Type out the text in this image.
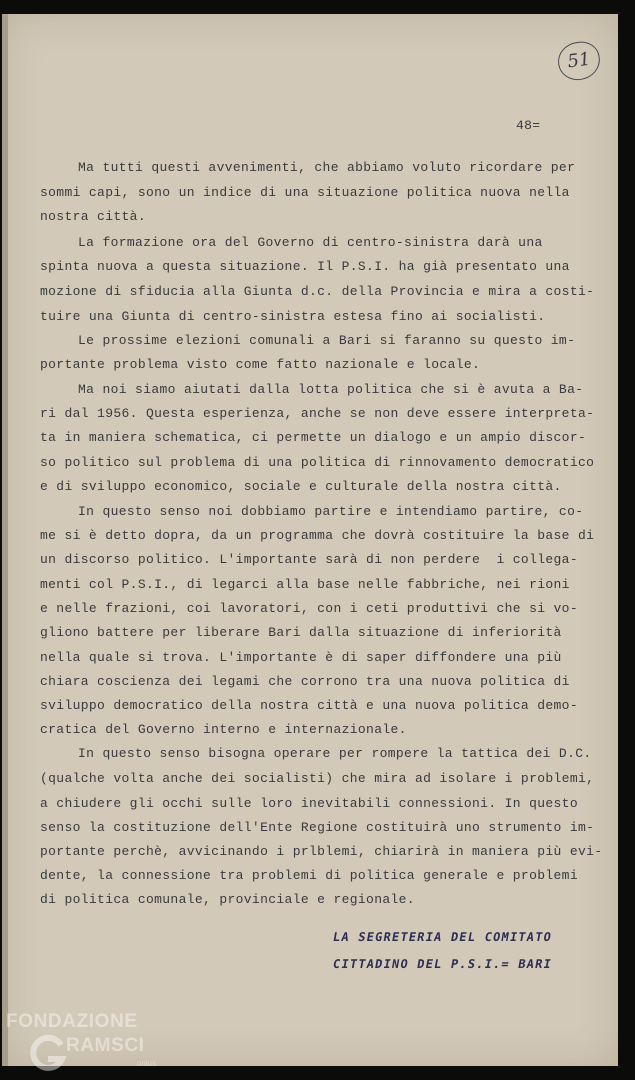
51
48=
Ma tutti questi avvenimenti, che abbiamo voluto ricordare per
sommi capi, sono un indice di una situazione politica nuova nella
nostra città.
La formazione ora del Governo di centro-sinistra darà una
spinta nuova a questa situazione. Il P.S.I. ha già presentato una
mozione di sfiducia alla Giunta d.c. della Provincia e mira a costi-
tuire una Giunta di centro-sinistra estesa fino ai socialisti.
Le prossime elezioni comunali a Bari si faranno su questo im-
portante problema visto come fatto nazionale e locale.
Ma noi siamo aiutati dalla lotta politica che si è avuta a Ba-
ri dal 1956. Questa esperienza, anche se non deve essere interpreta-
ta in maniera schematica, ci permette un dialogo e un ampio discor-
so politico sul problema di una politica di rinnovamento democratico
e di sviluppo economico, sociale e culturale della nostra città.
In questo senso noi dobbiamo partire e intendiamo partire, co-
me si è detto dopra, da un programma che dovrà costituire la base di
un discorso politico. L'importante sarà di non perdere  i collega-
menti col P.S.I., di legarci alla base nelle fabbriche, nei rioni
e nelle frazioni, coi lavoratori, con i ceti produttivi che si vo-
gliono battere per liberare Bari dalla situazione di inferiorità
nella quale si trova. L'importante è di saper diffondere una più
chiara coscienza dei legami che corrono tra una nuova politica di
sviluppo democratico della nostra città e una nuova politica demo-
cratica del Governo interno e internazionale.
In questo senso bisogna operare per rompere la tattica dei D.C.
(qualche volta anche dei socialisti) che mira ad isolare i problemi,
a chiudere gli occhi sulle loro inevitabili connessioni. In questo
senso la costituzione dell'Ente Regione costituirà uno strumento im-
portante perchè, avvicinando i prlblemi, chiarirà in maniera più evi-
dente, la connessione tra problemi di politica generale e problemi
di politica comunale, provinciale e regionale.
LA SEGRETERIA DEL COMITATO
CITTADINO DEL P.S.I.= BARI
FONDAZIONE
RAMSCI
onlus
